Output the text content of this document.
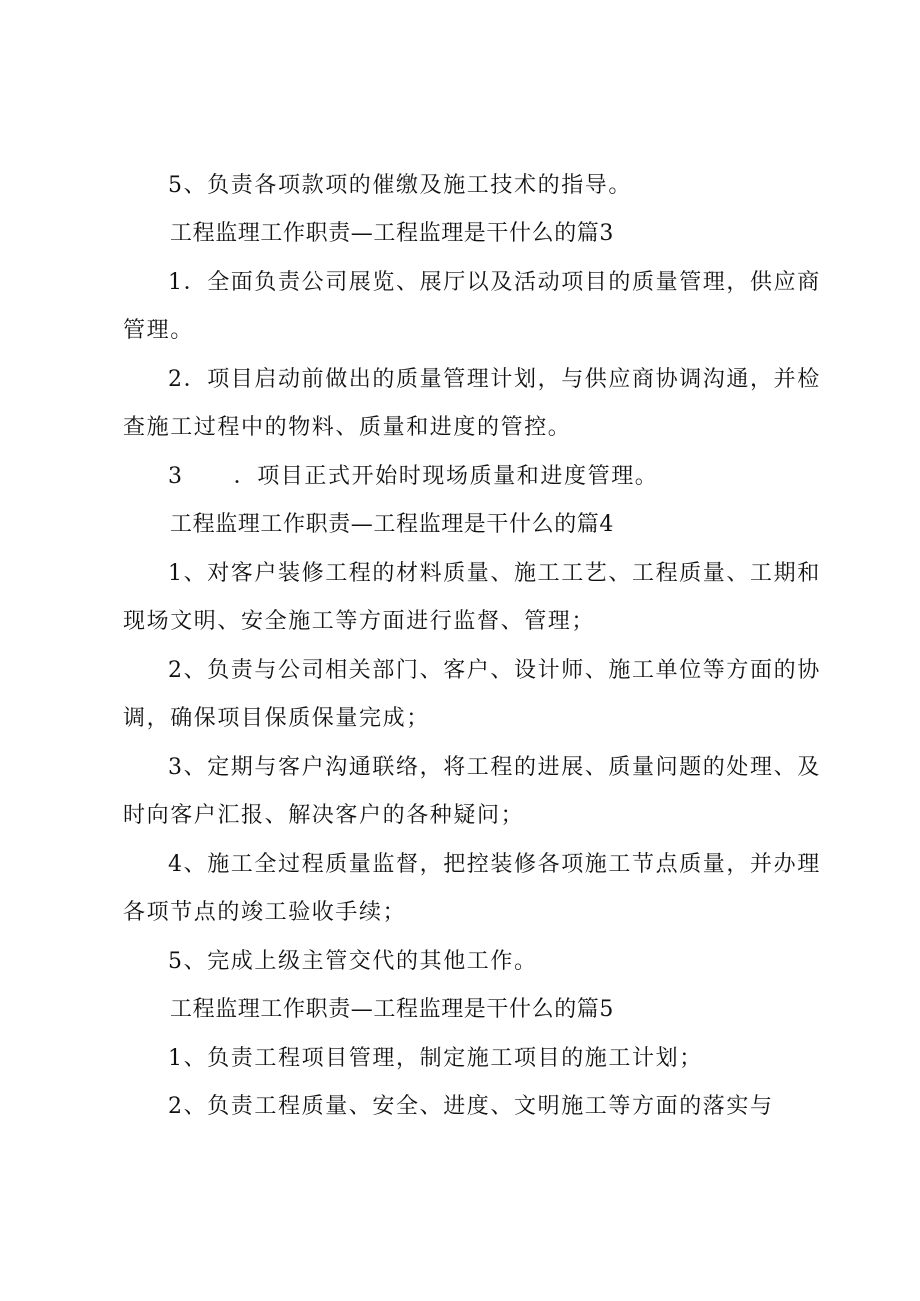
5、负责各项款项的催缴及施工技术的指导。
工程监理工作职责—工程监理是干什么的篇3
1．全面负责公司展览、展厅以及活动项目的质量管理，供应商
管理。
2．项目启动前做出的质量管理计划，与供应商协调沟通，并检
查施工过程中的物料、质量和进度的管控。
3 ．项目正式开始时现场质量和进度管理。
工程监理工作职责—工程监理是干什么的篇4
1、对客户装修工程的材料质量、施工工艺、工程质量、工期和
现场文明、安全施工等方面进行监督、管理；
2、负责与公司相关部门、客户、设计师、施工单位等方面的协
调，确保项目保质保量完成；
3、定期与客户沟通联络，将工程的进展、质量问题的处理、及
时向客户汇报、解决客户的各种疑问；
4、施工全过程质量监督，把控装修各项施工节点质量，并办理
各项节点的竣工验收手续；
5、完成上级主管交代的其他工作。
工程监理工作职责—工程监理是干什么的篇5
1、负责工程项目管理，制定施工项目的施工计划；
2、负责工程质量、安全、进度、文明施工等方面的落实与
